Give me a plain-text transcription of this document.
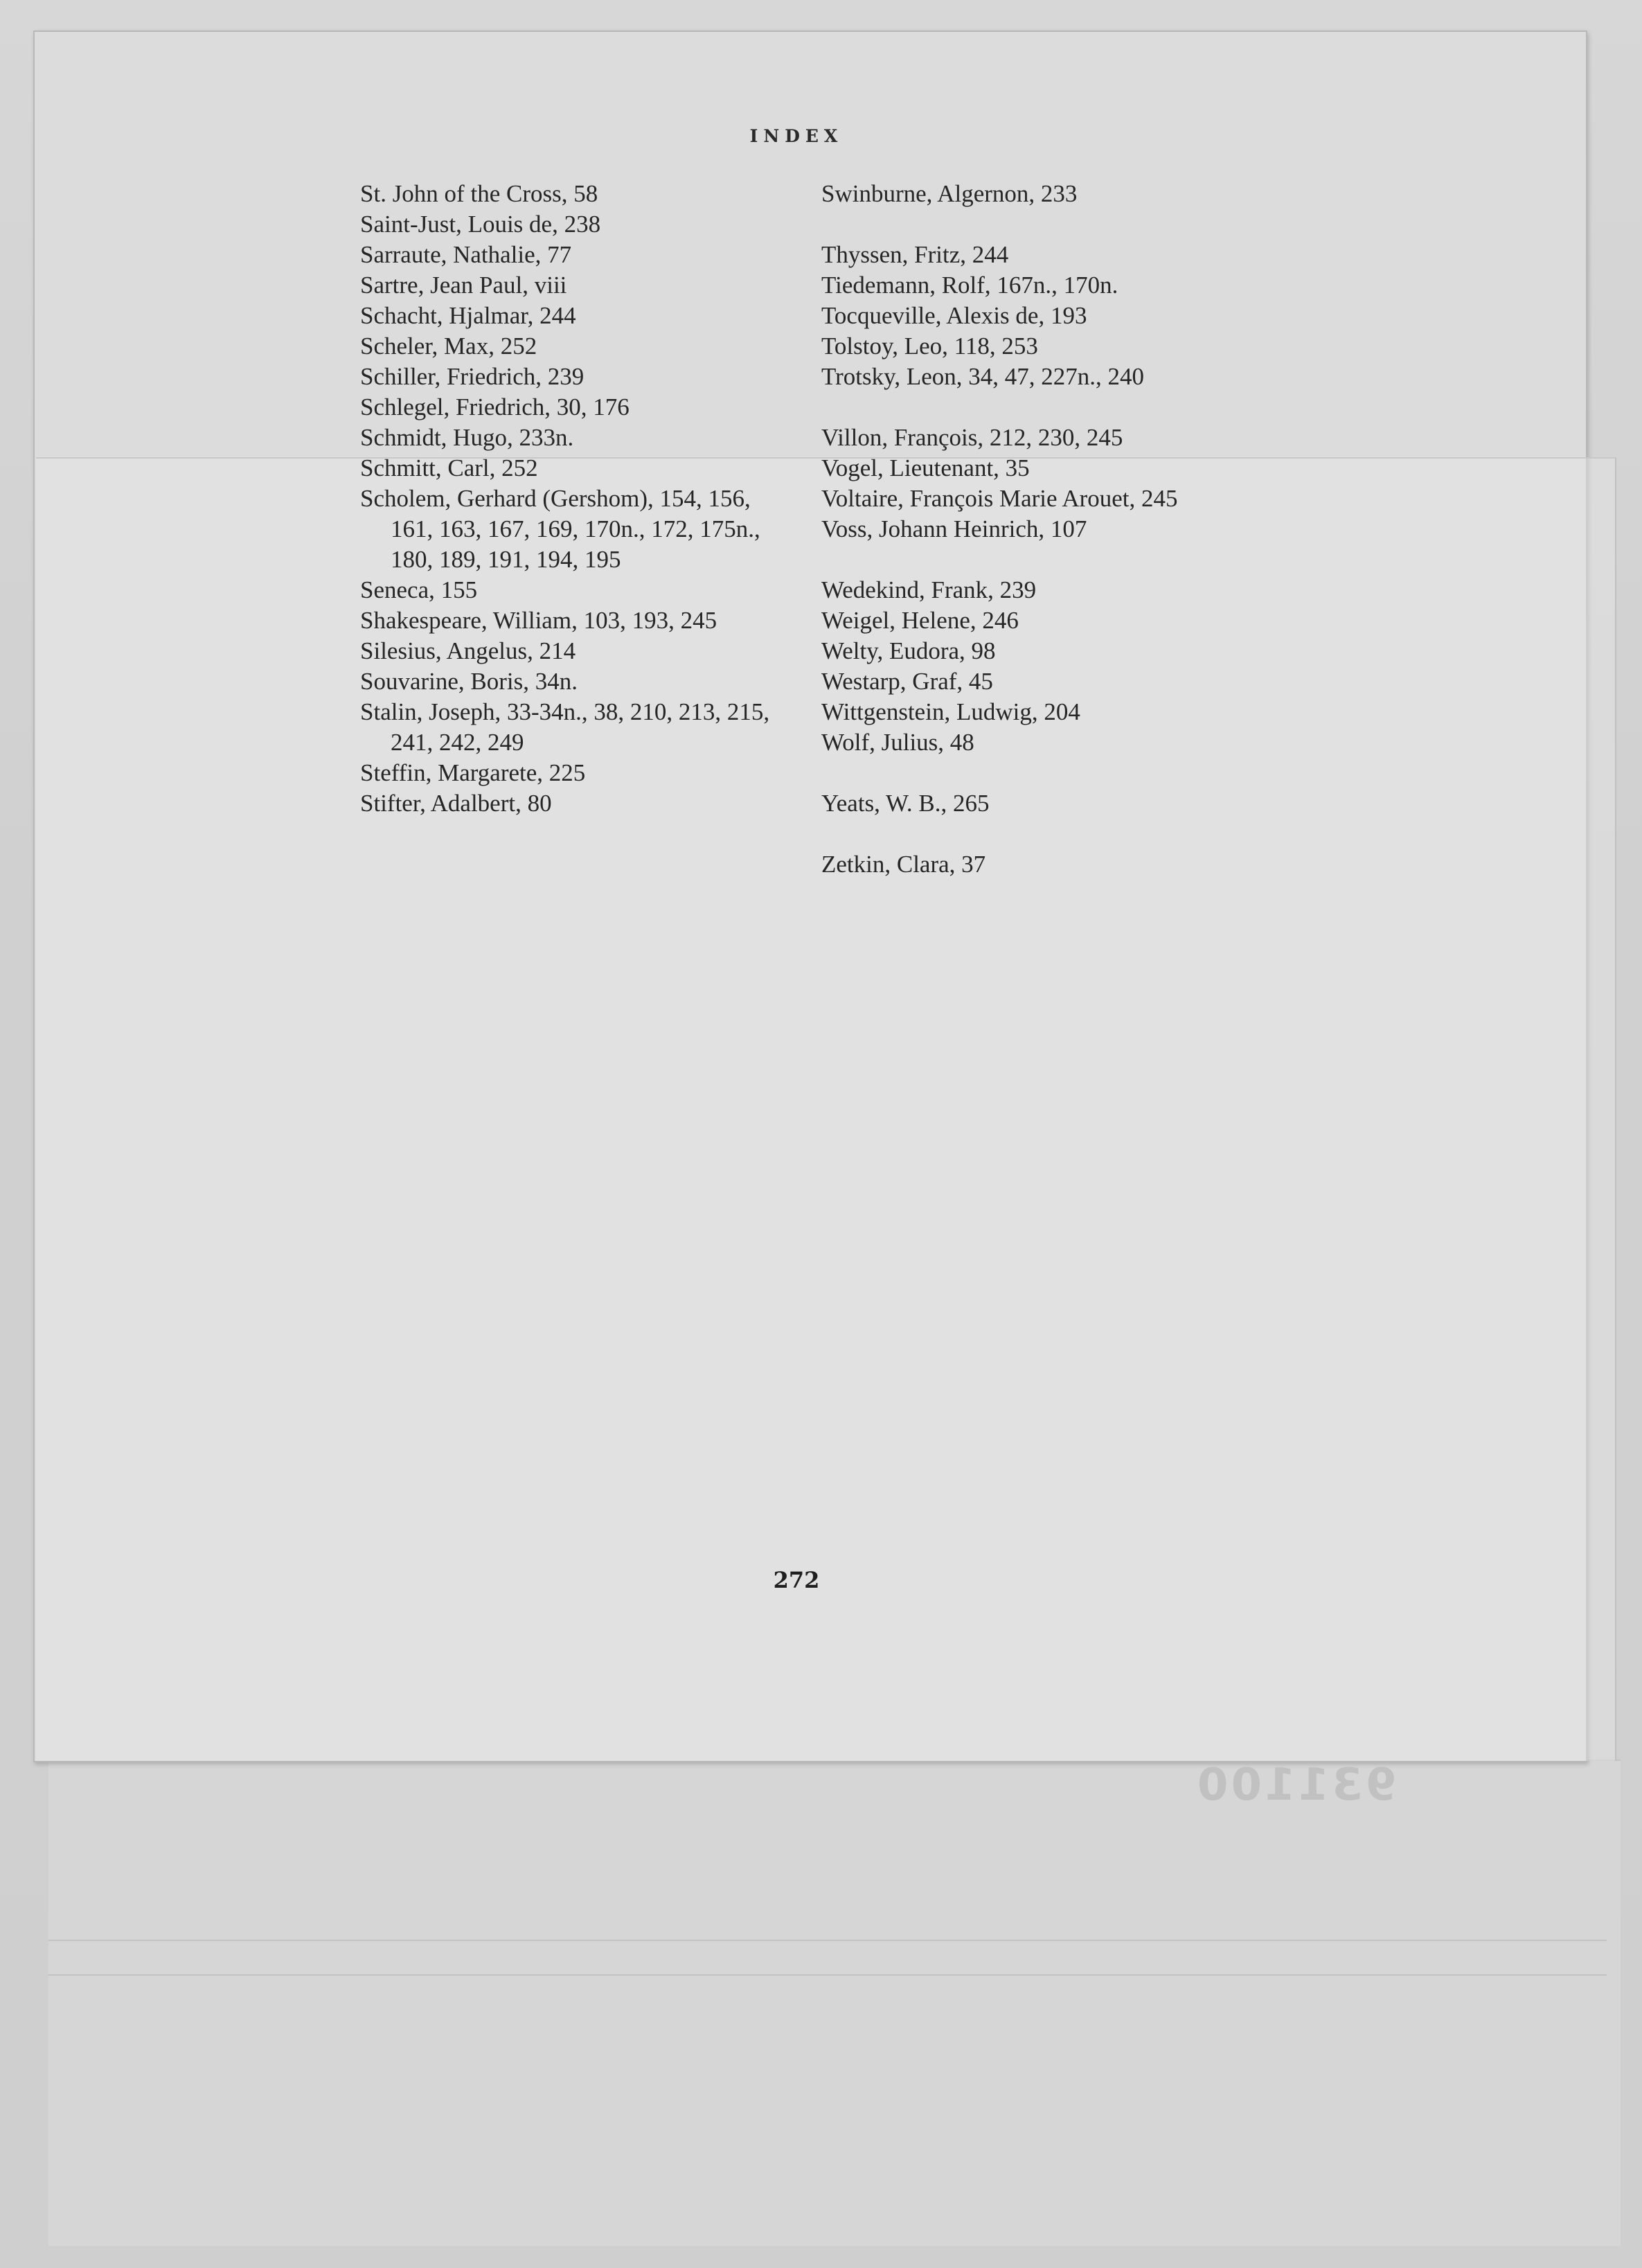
INDEX
St. John of the Cross, 58
Saint-Just, Louis de, 238
Sarraute, Nathalie, 77
Sartre, Jean Paul, viii
Schacht, Hjalmar, 244
Scheler, Max, 252
Schiller, Friedrich, 239
Schlegel, Friedrich, 30, 176
Schmidt, Hugo, 233n.
Schmitt, Carl, 252
Scholem, Gerhard (Gershom), 154, 156, 161, 163, 167, 169, 170n., 172, 175n., 180, 189, 191, 194, 195
Seneca, 155
Shakespeare, William, 103, 193, 245
Silesius, Angelus, 214
Souvarine, Boris, 34n.
Stalin, Joseph, 33-34n., 38, 210, 213, 215, 241, 242, 249
Steffin, Margarete, 225
Stifter, Adalbert, 80
Swinburne, Algernon, 233
Thyssen, Fritz, 244
Tiedemann, Rolf, 167n., 170n.
Tocqueville, Alexis de, 193
Tolstoy, Leo, 118, 253
Trotsky, Leon, 34, 47, 227n., 240
Villon, François, 212, 230, 245
Vogel, Lieutenant, 35
Voltaire, François Marie Arouet, 245
Voss, Johann Heinrich, 107
Wedekind, Frank, 239
Weigel, Helene, 246
Welty, Eudora, 98
Westarp, Graf, 45
Wittgenstein, Ludwig, 204
Wolf, Julius, 48
Yeats, W. B., 265
Zetkin, Clara, 37
272
931100
